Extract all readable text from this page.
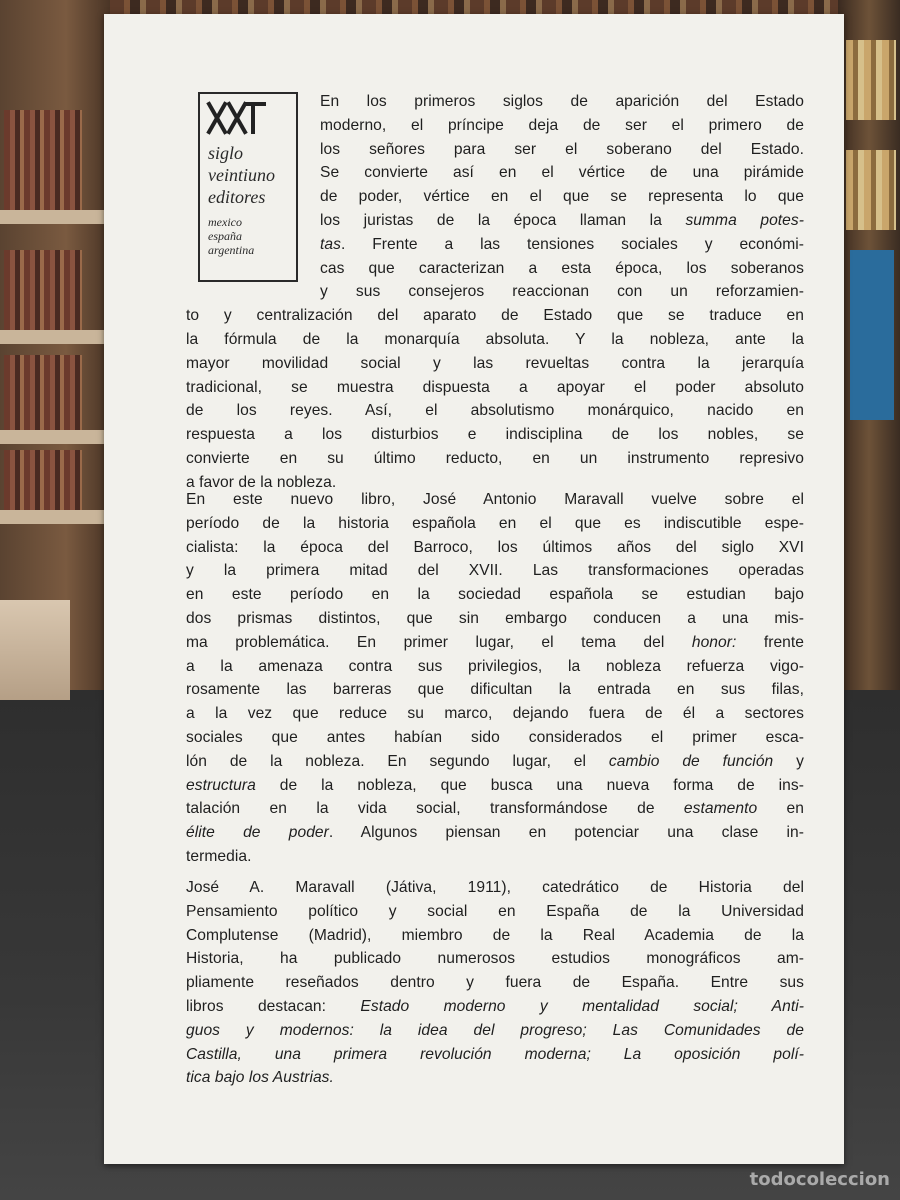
siglo
veintiuno
editores
mexico
españa
argentina
En los primeros siglos de aparición del Estado
moderno, el príncipe deja de ser el primero de
los señores para ser el soberano del Estado.
Se convierte así en el vértice de una pirámide
de poder, vértice en el que se representa lo que
los juristas de la época llaman la summa potes-
tas. Frente a las tensiones sociales y económi-
cas que caracterizan a esta época, los soberanos
y sus consejeros reaccionan con un reforzamien-
to y centralización del aparato de Estado que se traduce en
la fórmula de la monarquía absoluta. Y la nobleza, ante la
mayor movilidad social y las revueltas contra la jerarquía
tradicional, se muestra dispuesta a apoyar el poder absoluto
de los reyes. Así, el absolutismo monárquico, nacido en
respuesta a los disturbios e indisciplina de los nobles, se
convierte en su último reducto, en un instrumento represivo
a favor de la nobleza.
En este nuevo libro, José Antonio Maravall vuelve sobre el
período de la historia española en el que es indiscutible espe-
cialista: la época del Barroco, los últimos años del siglo XVI
y la primera mitad del XVII. Las transformaciones operadas
en este período en la sociedad española se estudian bajo
dos prismas distintos, que sin embargo conducen a una mis-
ma problemática. En primer lugar, el tema del honor: frente
a la amenaza contra sus privilegios, la nobleza refuerza vigo-
rosamente las barreras que dificultan la entrada en sus filas,
a la vez que reduce su marco, dejando fuera de él a sectores
sociales que antes habían sido considerados el primer esca-
lón de la nobleza. En segundo lugar, el cambio de función y
estructura de la nobleza, que busca una nueva forma de ins-
talación en la vida social, transformándose de estamento en
élite de poder. Algunos piensan en potenciar una clase in-
termedia.
José A. Maravall (Játiva, 1911), catedrático de Historia del
Pensamiento político y social en España de la Universidad
Complutense (Madrid), miembro de la Real Academia de la
Historia, ha publicado numerosos estudios monográficos am-
pliamente reseñados dentro y fuera de España. Entre sus
libros destacan: Estado moderno y mentalidad social; Anti-
guos y modernos: la idea del progreso; Las Comunidades de
Castilla, una primera revolución moderna; La oposición polí-
tica bajo los Austrias.
todocoleccion
